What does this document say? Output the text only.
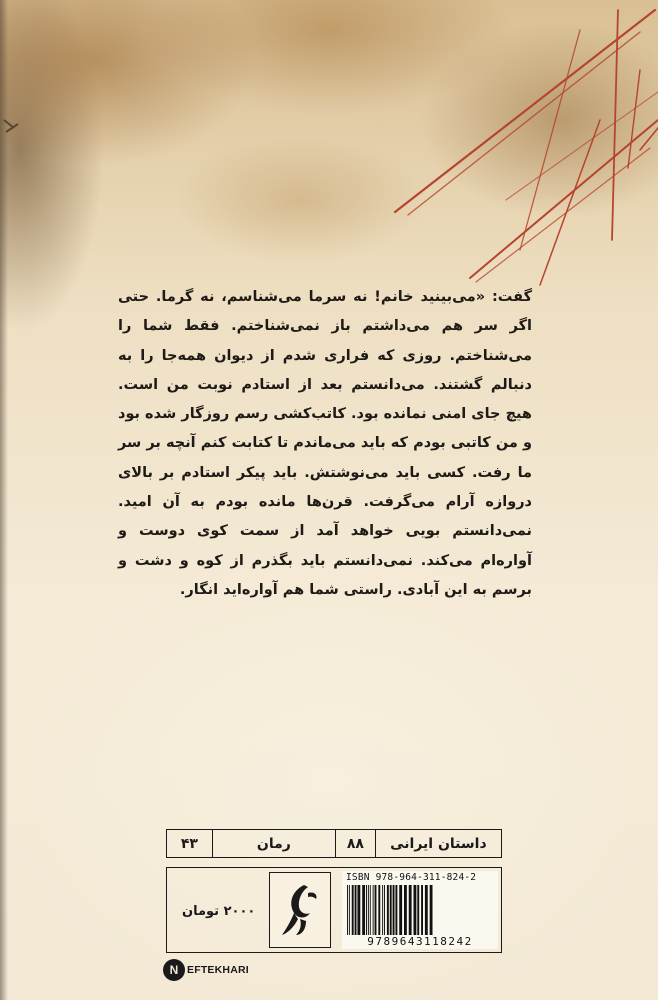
گفت: «می‌بینید خانم! نه سرما می‌شناسم، نه گرما. حتی اگر سر هم می‌داشتم باز نمی‌شناختم. فقط شما را می‌شناختم. روزی که فراری شدم از دیوان همه‌جا را به دنبالم گشتند. می‌دانستم بعد از استادم نوبت من است. هیچ جای امنی نمانده بود. کاتب‌کشی رسم روزگار شده بود و من کاتبی بودم که باید می‌ماندم تا کتابت کنم آنچه بر سر ما رفت. کسی باید می‌نوشتش. باید پیکر استادم بر بالای دروازه آرام می‌گرفت. قرن‌ها مانده بودم به آن امید. نمی‌دانستم بویی خواهد آمد از سمت کوی دوست و آواره‌ام می‌کند. نمی‌دانستم باید بگذرم از کوه و دشت و برسم به این آبادی. راستی شما هم آواره‌اید انگار.
داستان ایرانی
۸۸
رمان
۴۳
۲۰۰۰ تومان
ISBN 978-964-311-824-2
9789643118242
N EFTEKHARI
